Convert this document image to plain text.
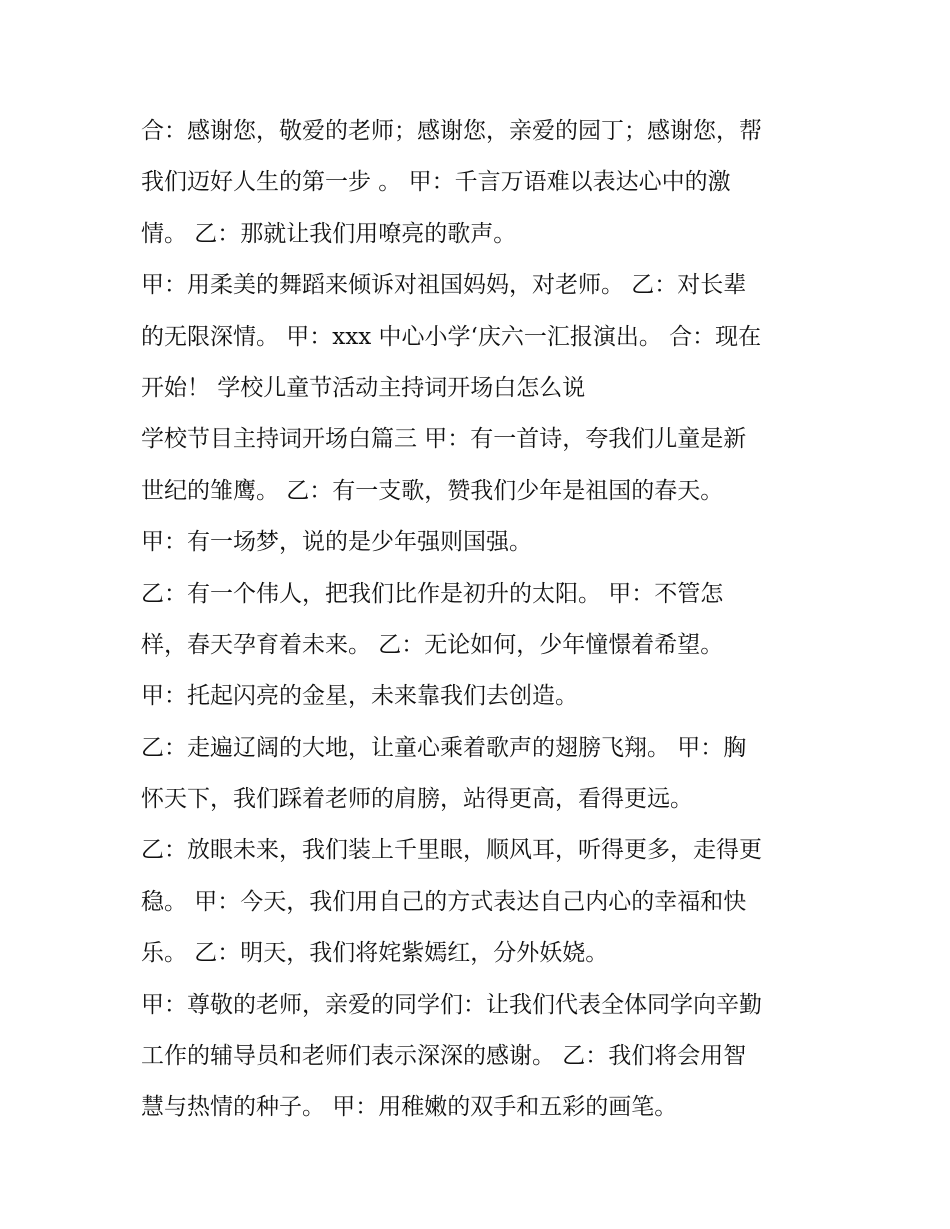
合：感谢您，敬爱的老师；感谢您，亲爱的园丁；感谢您，帮
我们迈好人生的第一步 。 甲：千言万语难以表达心中的激
情。 乙：那就让我们用嘹亮的歌声。
甲：用柔美的舞蹈来倾诉对祖国妈妈，对老师。 乙：对长辈
的无限深情。 甲：xxx 中心小学‘庆六一汇报演出。 合：现在
开始！ 学校儿童节活动主持词开场白怎么说
学校节目主持词开场白篇三 甲：有一首诗，夸我们儿童是新
世纪的雏鹰。 乙：有一支歌，赞我们少年是祖国的春天。
甲：有一场梦，说的是少年强则国强。
乙：有一个伟人，把我们比作是初升的太阳。 甲：不管怎
样，春天孕育着未来。 乙：无论如何，少年憧憬着希望。
甲：托起闪亮的金星，未来靠我们去创造。
乙：走遍辽阔的大地，让童心乘着歌声的翅膀飞翔。 甲：胸
怀天下，我们踩着老师的肩膀，站得更高，看得更远。
乙：放眼未来，我们装上千里眼，顺风耳，听得更多，走得更
稳。 甲：今天，我们用自己的方式表达自己内心的幸福和快
乐。 乙：明天，我们将姹紫嫣红，分外妖娆。
甲：尊敬的老师，亲爱的同学们：让我们代表全体同学向辛勤
工作的辅导员和老师们表示深深的感谢。 乙：我们将会用智
慧与热情的种子。 甲：用稚嫩的双手和五彩的画笔。
